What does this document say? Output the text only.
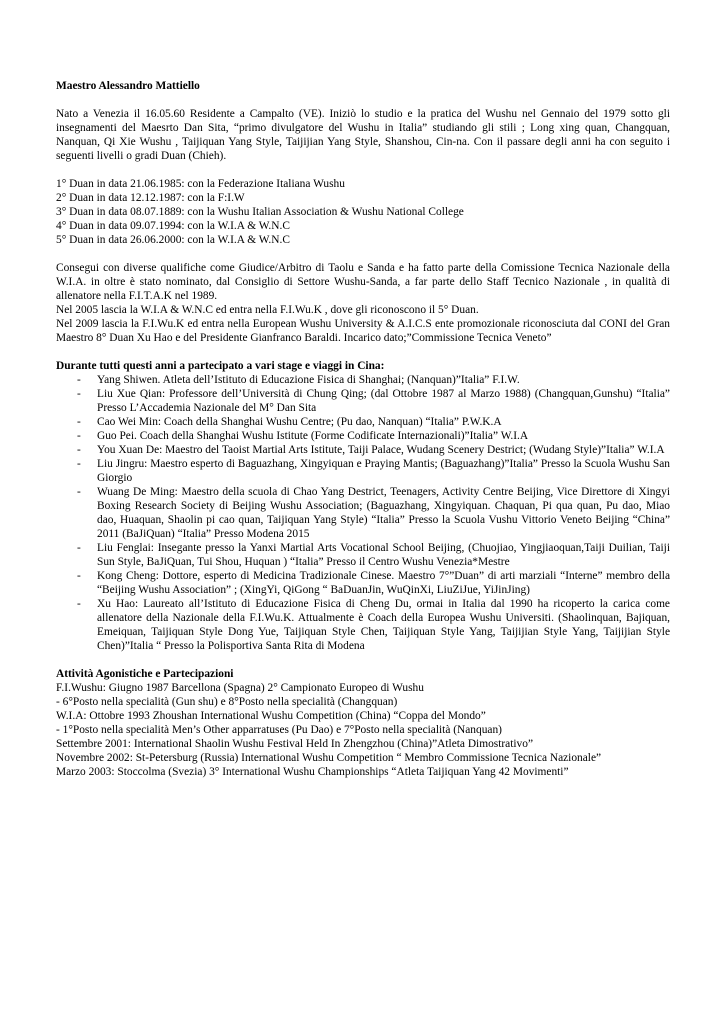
Maestro Alessandro Mattiello

Nato a Venezia il 16.05.60 Residente a Campalto (VE). Iniziò lo studio e la pratica del Wushu nel Gennaio del 1979 sotto gli insegnamenti del Maesrto Dan Sita, “primo divulgatore del Wushu in Italia” studiando gli stili ; Long xing quan, Changquan, Nanquan, Qi Xie Wushu , Taijiquan Yang Style, Taijijian Yang Style, Shanshou, Cin-na. Con il passare degli anni ha con seguito i seguenti livelli o gradi Duan (Chieh).

1° Duan in data 21.06.1985: con la Federazione Italiana Wushu

2° Duan in data 12.12.1987: con la F:I.W

3° Duan in data 08.07.1889: con la Wushu Italian Association & Wushu National College

4° Duan in data 09.07.1994: con la W.I.A & W.N.C

5° Duan in data 26.06.2000: con la W.I.A & W.N.C

Consegui con diverse qualifiche come Giudice/Arbitro di Taolu e Sanda e ha fatto parte della Comissione Tecnica Nazionale della W.I.A. in oltre è stato nominato, dal Consiglio di Settore Wushu-Sanda, a far parte dello Staff Tecnico Nazionale , in qualità di allenatore nella F.I.T.A.K nel 1989.

Nel 2005 lascia la W.I.A & W.N.C ed entra nella F.I.Wu.K , dove gli riconoscono il 5° Duan.

Nel 2009 lascia la F.I.Wu.K ed entra nella European Wushu University & A.I.C.S ente promozionale riconosciuta dal CONI del Gran Maestro 8° Duan Xu Hao e del Presidente Gianfranco Baraldi. Incarico dato;”Commissione Tecnica Veneto”

Durante tutti questi anni a partecipato a vari stage e viaggi in Cina:

- Yang Shiwen. Atleta dell’Istituto di Educazione Fisica di Shanghai; (Nanquan)”Italia” F.I.W.
- Liu Xue Qian: Professore dell’Università di Chung Qing; (dal Ottobre 1987 al Marzo 1988) (Changquan,Gunshu) “Italia” Presso L’Accademia Nazionale del M° Dan Sita
- Cao Wei Min: Coach della Shanghai Wushu Centre; (Pu dao, Nanquan) “Italia” P.W.K.A
- Guo Pei. Coach della Shanghai Wushu Istitute (Forme Codificate Internazionali)”Italia” W.I.A
- You Xuan De: Maestro del Taoist Martial Arts Istitute, Taiji Palace, Wudang Scenery Destrict; (Wudang Style)”Italia” W.I.A
- Liu Jingru: Maestro esperto di Baguazhang, Xingyiquan e Praying Mantis; (Baguazhang)”Italia” Presso la Scuola Wushu San Giorgio
- Wuang De Ming: Maestro della scuola di Chao Yang Destrict, Teenagers, Activity Centre Beijing, Vice Direttore di Xingyi Boxing Research Society di Beijing Wushu Association; (Baguazhang, Xingyiquan. Chaquan, Pi qua quan, Pu dao, Miao dao, Huaquan, Shaolin pi cao quan, Taijiquan Yang Style) “Italia” Presso la Scuola Vushu Vittorio Veneto Beijing “China” 2011 (BaJiQuan) “Italia” Presso Modena 2015
- Liu Fenglai: Insegante presso la Yanxi Martial Arts Vocational School Beijing, (Chuojiao, Yingjiaoquan,Taiji Duilian, Taiji Sun Style, BaJiQuan, Tui Shou, Huquan ) “Italia” Presso il Centro Wushu Venezia*Mestre
- Kong Cheng: Dottore, esperto di Medicina Tradizionale Cinese. Maestro 7°”Duan” di arti marziali “Interne” membro della “Beijing Wushu Association” ; (XingYi, QiGong “ BaDuanJin, WuQinXi, LiuZiJue, YiJinJing)
- Xu Hao: Laureato all’Istituto di Educazione Fisica di Cheng Du, ormai in Italia dal 1990 ha ricoperto la carica come allenatore della Nazionale della F.I.Wu.K. Attualmente è Coach della Europea Wushu Universiti. (Shaolinquan, Bajiquan, Emeiquan, Taijiquan Style Dong Yue, Taijiquan Style Chen, Taijiquan Style Yang, Taijijian Style Yang, Taijijian Style Chen)”Italia “ Presso la Polisportiva Santa Rita di Modena

Attività Agonistiche e Partecipazioni

F.I.Wushu: Giugno 1987 Barcellona (Spagna) 2° Campionato Europeo di Wushu

- 6°Posto nella specialità (Gun shu) e 8°Posto nella specialità (Changquan)

W.I.A: Ottobre 1993 Zhoushan International Wushu Competition (China) “Coppa del Mondo”

- 1°Posto nella specialità Men’s Other apparratuses (Pu Dao) e 7°Posto nella specialità (Nanquan)

Settembre 2001: International Shaolin Wushu Festival Held In Zhengzhou (China)”Atleta Dimostrativo”

Novembre 2002: St-Petersburg (Russia) International Wushu Competition “ Membro Commissione Tecnica Nazionale”

Marzo 2003: Stoccolma (Svezia) 3° International Wushu Championships “Atleta Taijiquan Yang 42 Movimenti”
